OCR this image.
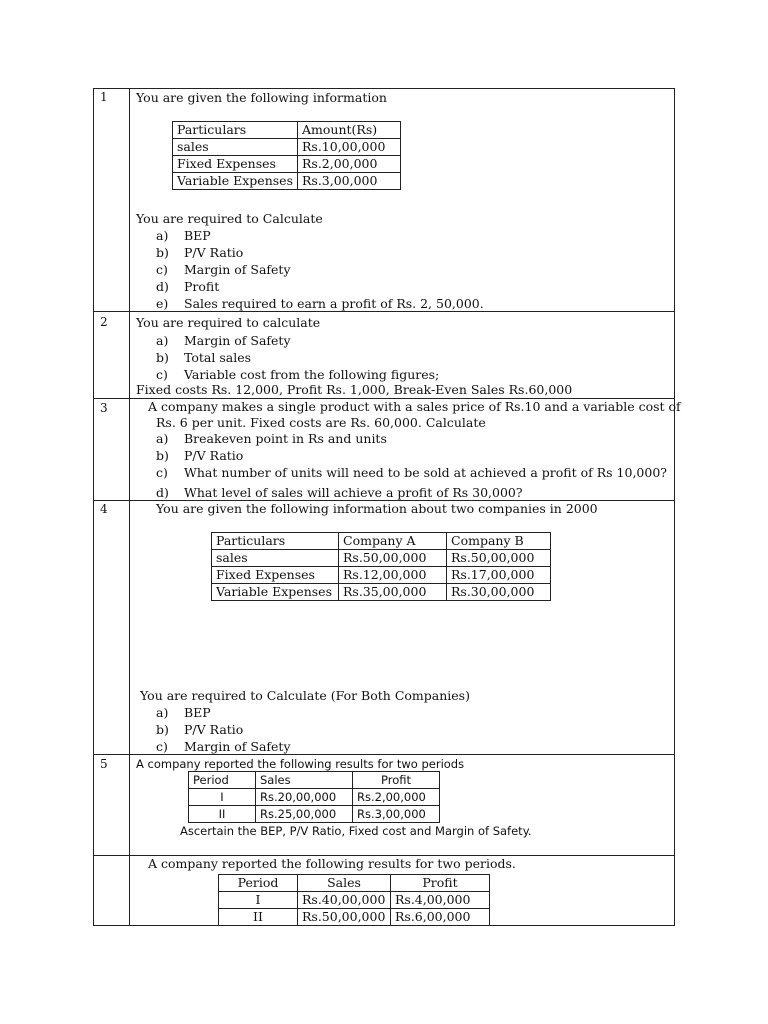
1 You are given the following information
Particulars	Amount(Rs)
sales	Rs.10,00,000
Fixed Expenses	Rs.2,00,000
Variable Expenses	Rs.3,00,000
You are required to Calculate
a) BEP
b) P/V Ratio
c) Margin of Safety
d) Profit
e) Sales required to earn a profit of Rs. 2, 50,000.
2 You are required to calculate
a) Margin of Safety
b) Total sales
c) Variable cost from the following figures;
Fixed costs Rs. 12,000, Profit Rs. 1,000, Break-Even Sales Rs.60,000
3	A company makes a single product with a sales price of Rs.10 and a variable cost of
Rs. 6 per unit. Fixed costs are Rs. 60,000. Calculate
a) Breakeven point in Rs and units
b) P/V Ratio
c) What number of units will need to be sold at achieved a profit of Rs 10,000?
d) What level of sales will achieve a profit of Rs 30,000?
4	You are given the following information about two companies in 2000
Particulars	Company A	Company B
sales	Rs.50,00,000	Rs.50,00,000
Fixed Expenses	Rs.12,00,000	Rs.17,00,000
Variable Expenses	Rs.35,00,000	Rs.30,00,000
You are required to Calculate (For Both Companies)
a) BEP
b) P/V Ratio
c) Margin of Safety
5 A company reported the following results for two periods
Period	Sales	Profit
I	Rs.20,00,000	Rs.2,00,000
II	Rs.25,00,000	Rs.3,00,000
Ascertain the BEP, P/V Ratio, Fixed cost and Margin of Safety.
A company reported the following results for two periods.
Period	Sales	Profit
I	Rs.40,00,000	Rs.4,00,000
II	Rs.50,00,000	Rs.6,00,000
